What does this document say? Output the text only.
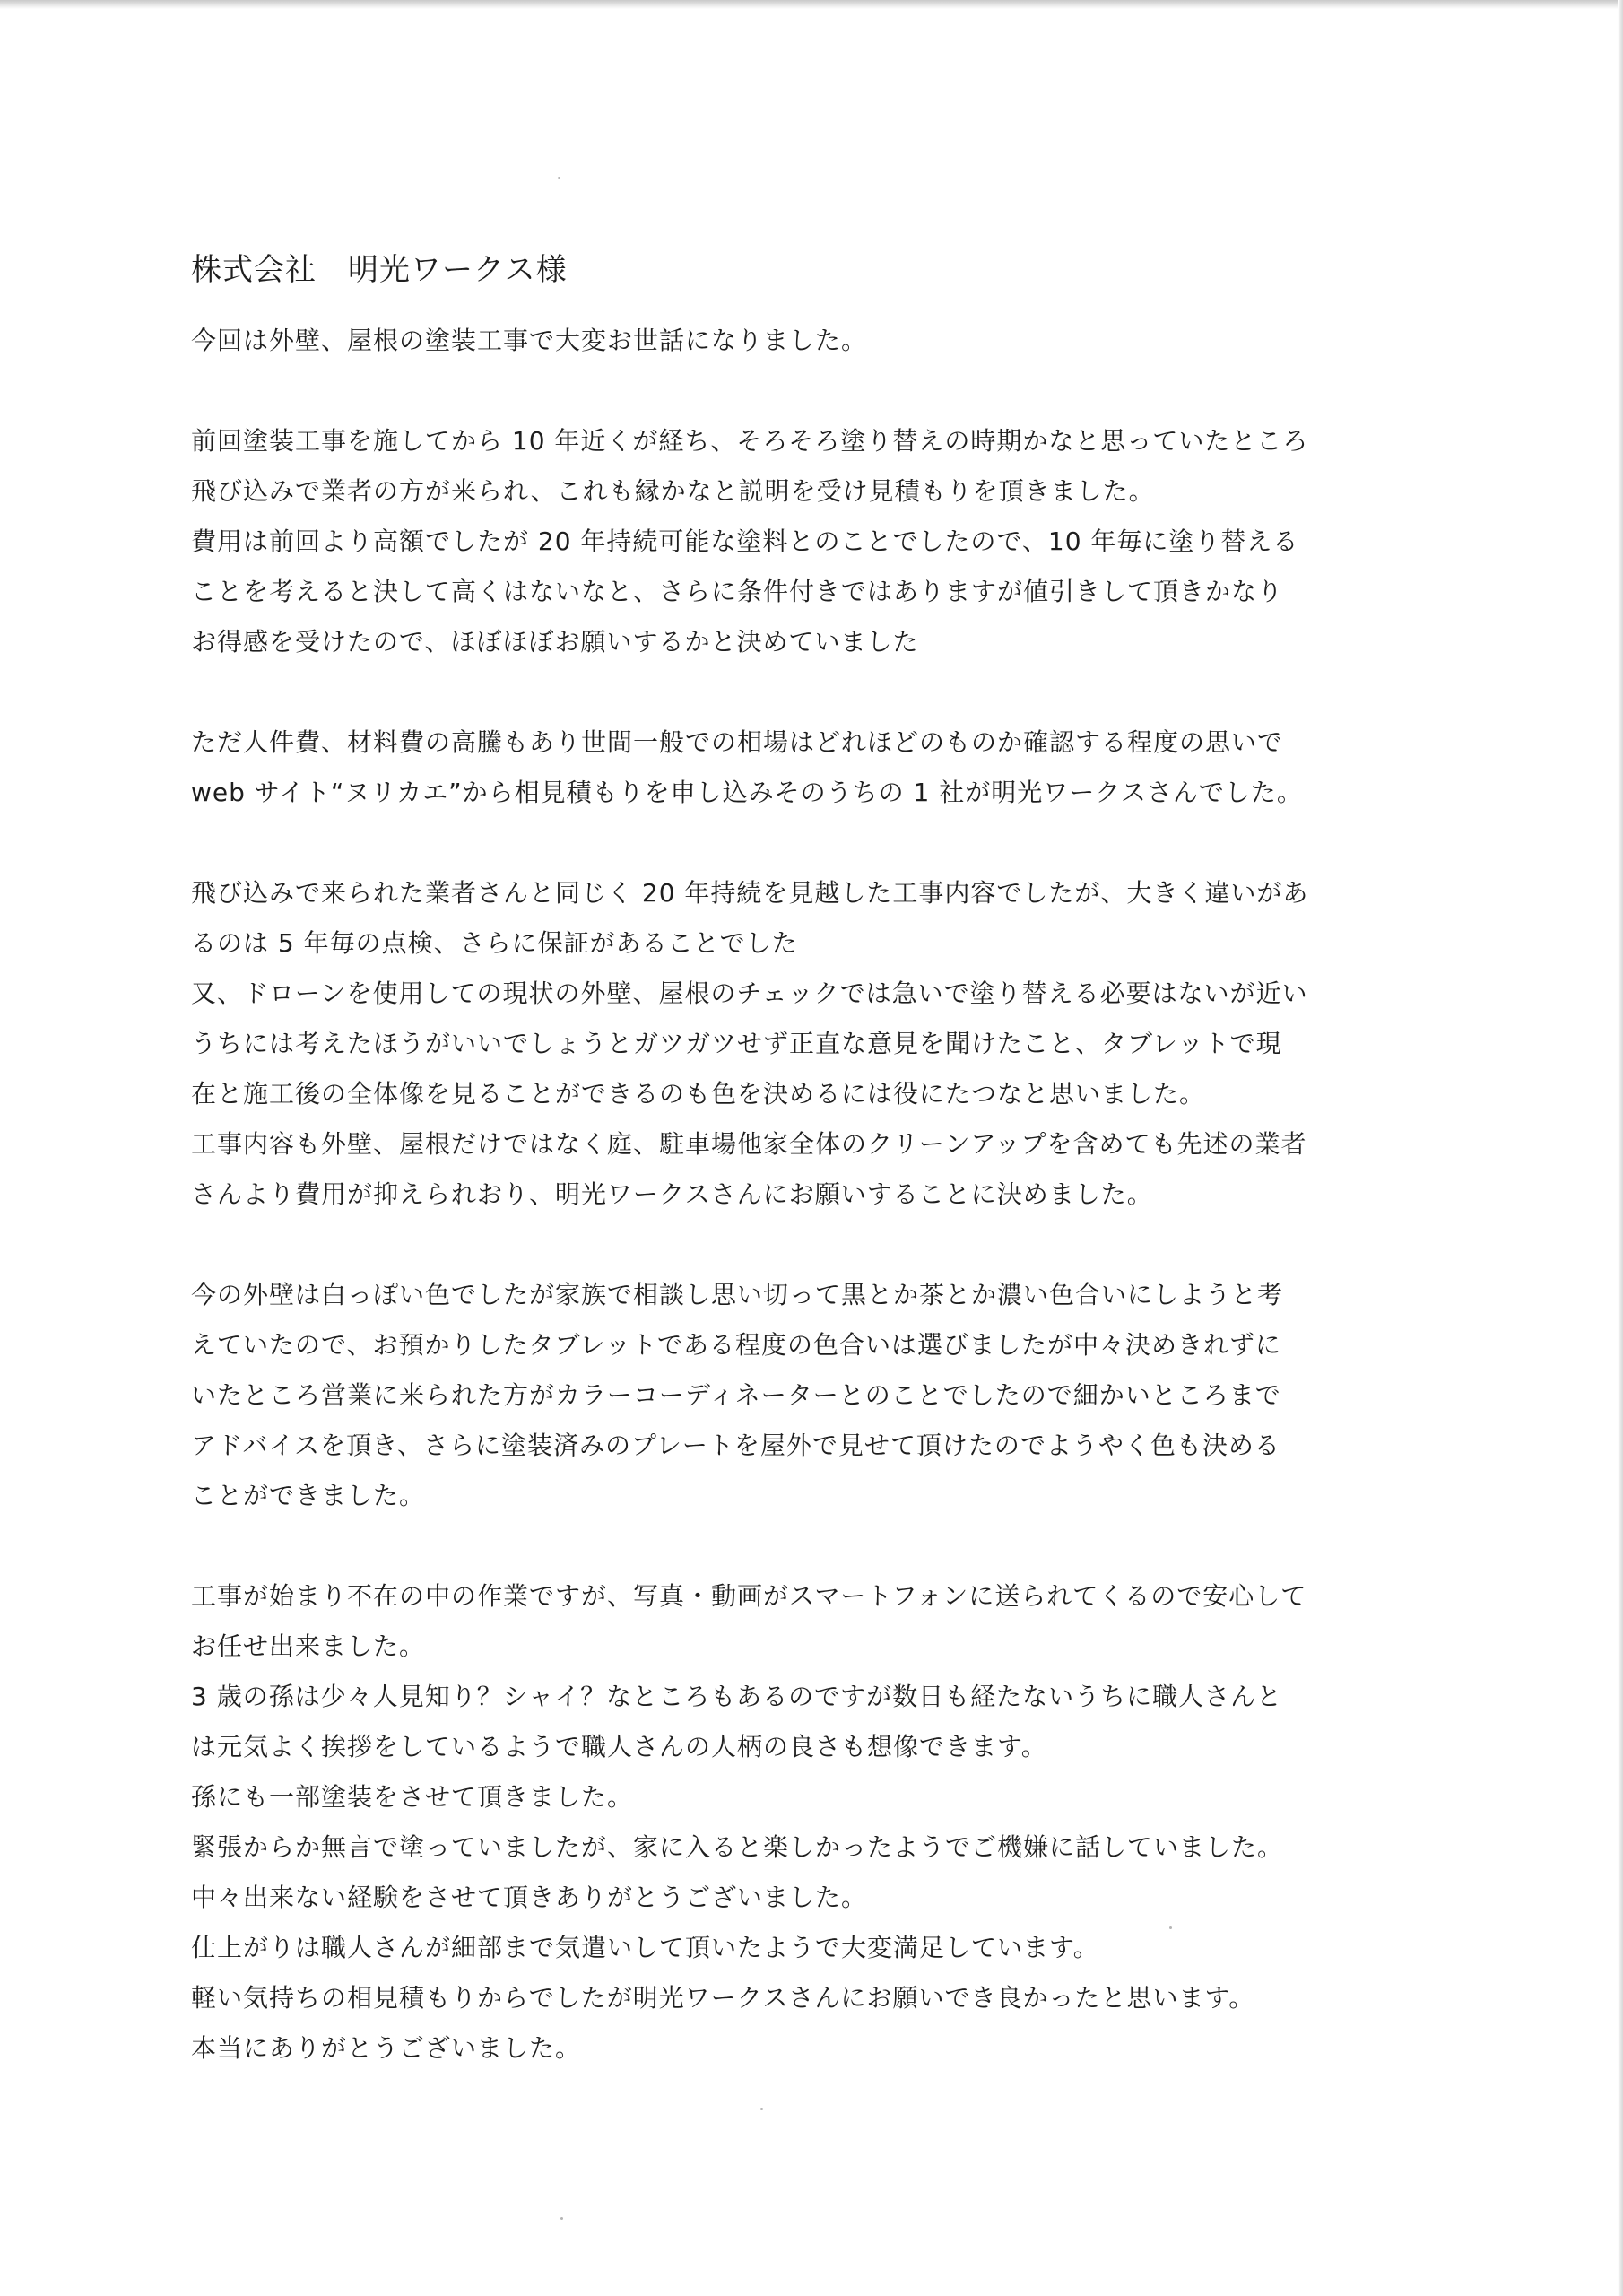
株式会社　明光ワークス様
今回は外壁、屋根の塗装工事で大変お世話になりました。
前回塗装工事を施してから 10 年近くが経ち、そろそろ塗り替えの時期かなと思っていたところ
飛び込みで業者の方が来られ、これも縁かなと説明を受け見積もりを頂きました。
費用は前回より高額でしたが 20 年持続可能な塗料とのことでしたので、10 年毎に塗り替える
ことを考えると決して高くはないなと、さらに条件付きではありますが値引きして頂きかなり
お得感を受けたので、ほぼほぼお願いするかと決めていました
ただ人件費、材料費の高騰もあり世間一般での相場はどれほどのものか確認する程度の思いで
web サイト“ヌリカエ”から相見積もりを申し込みそのうちの 1 社が明光ワークスさんでした。
飛び込みで来られた業者さんと同じく 20 年持続を見越した工事内容でしたが、大きく違いがあ
るのは 5 年毎の点検、さらに保証があることでした
又、ドローンを使用しての現状の外壁、屋根のチェックでは急いで塗り替える必要はないが近い
うちには考えたほうがいいでしょうとガツガツせず正直な意見を聞けたこと、タブレットで現
在と施工後の全体像を見ることができるのも色を決めるには役にたつなと思いました。
工事内容も外壁、屋根だけではなく庭、駐車場他家全体のクリーンアップを含めても先述の業者
さんより費用が抑えられおり、明光ワークスさんにお願いすることに決めました。
今の外壁は白っぽい色でしたが家族で相談し思い切って黒とか茶とか濃い色合いにしようと考
えていたので、お預かりしたタブレットである程度の色合いは選びましたが中々決めきれずに
いたところ営業に来られた方がカラーコーディネーターとのことでしたので細かいところまで
アドバイスを頂き、さらに塗装済みのプレートを屋外で見せて頂けたのでようやく色も決める
ことができました。
工事が始まり不在の中の作業ですが、写真・動画がスマートフォンに送られてくるので安心して
お任せ出来ました。
3 歳の孫は少々人見知り？シャイ？なところもあるのですが数日も経たないうちに職人さんと
は元気よく挨拶をしているようで職人さんの人柄の良さも想像できます。
孫にも一部塗装をさせて頂きました。
緊張からか無言で塗っていましたが、家に入ると楽しかったようでご機嫌に話していました。
中々出来ない経験をさせて頂きありがとうございました。
仕上がりは職人さんが細部まで気遣いして頂いたようで大変満足しています。
軽い気持ちの相見積もりからでしたが明光ワークスさんにお願いでき良かったと思います。
本当にありがとうございました。
